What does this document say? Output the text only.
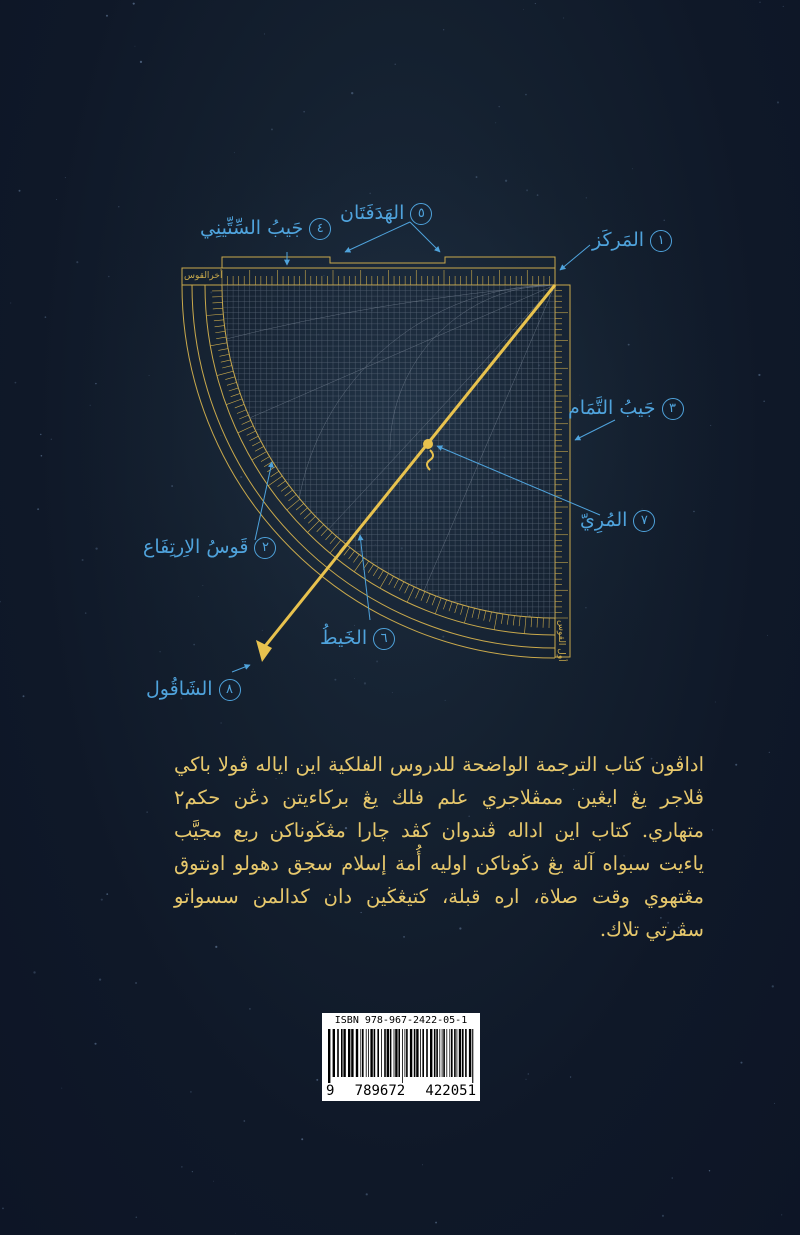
١المَركَز
٢قَوسُ الاِرتِفَاع
٣جَيبُ التَّمَام
٤جَيبُ السِّتِّينِي
٥الهَدَفَتَان
٦الخَيطُ
٧المُرِيّ
٨الشَاقُول
أخرالقوس
أول القوس
اداڤون كتاب الترجمة الواضحة للدروس الفلكية اين اياله ڤولا باكي ڤلاجر يڠ ايڠين ممڤلاجري علم فلك يڠ بركاءيتن دڠن حكم٢ متهاري. كتاب اين اداله ڤندوان كڤد چارا مڠڬوناكن ربع مجيَّب ياءيت سبواه آلة يڠ دڬوناكن اوليه أُمة إسلام سجق دهولو اونتوق مڠتهوي وقت صلاة، اره قبلة، كتيڠڬين دان كدالمن سسواتو سڤرتي تلاك.
ISBN 978-967-2422-05-1
9 789672 422051
